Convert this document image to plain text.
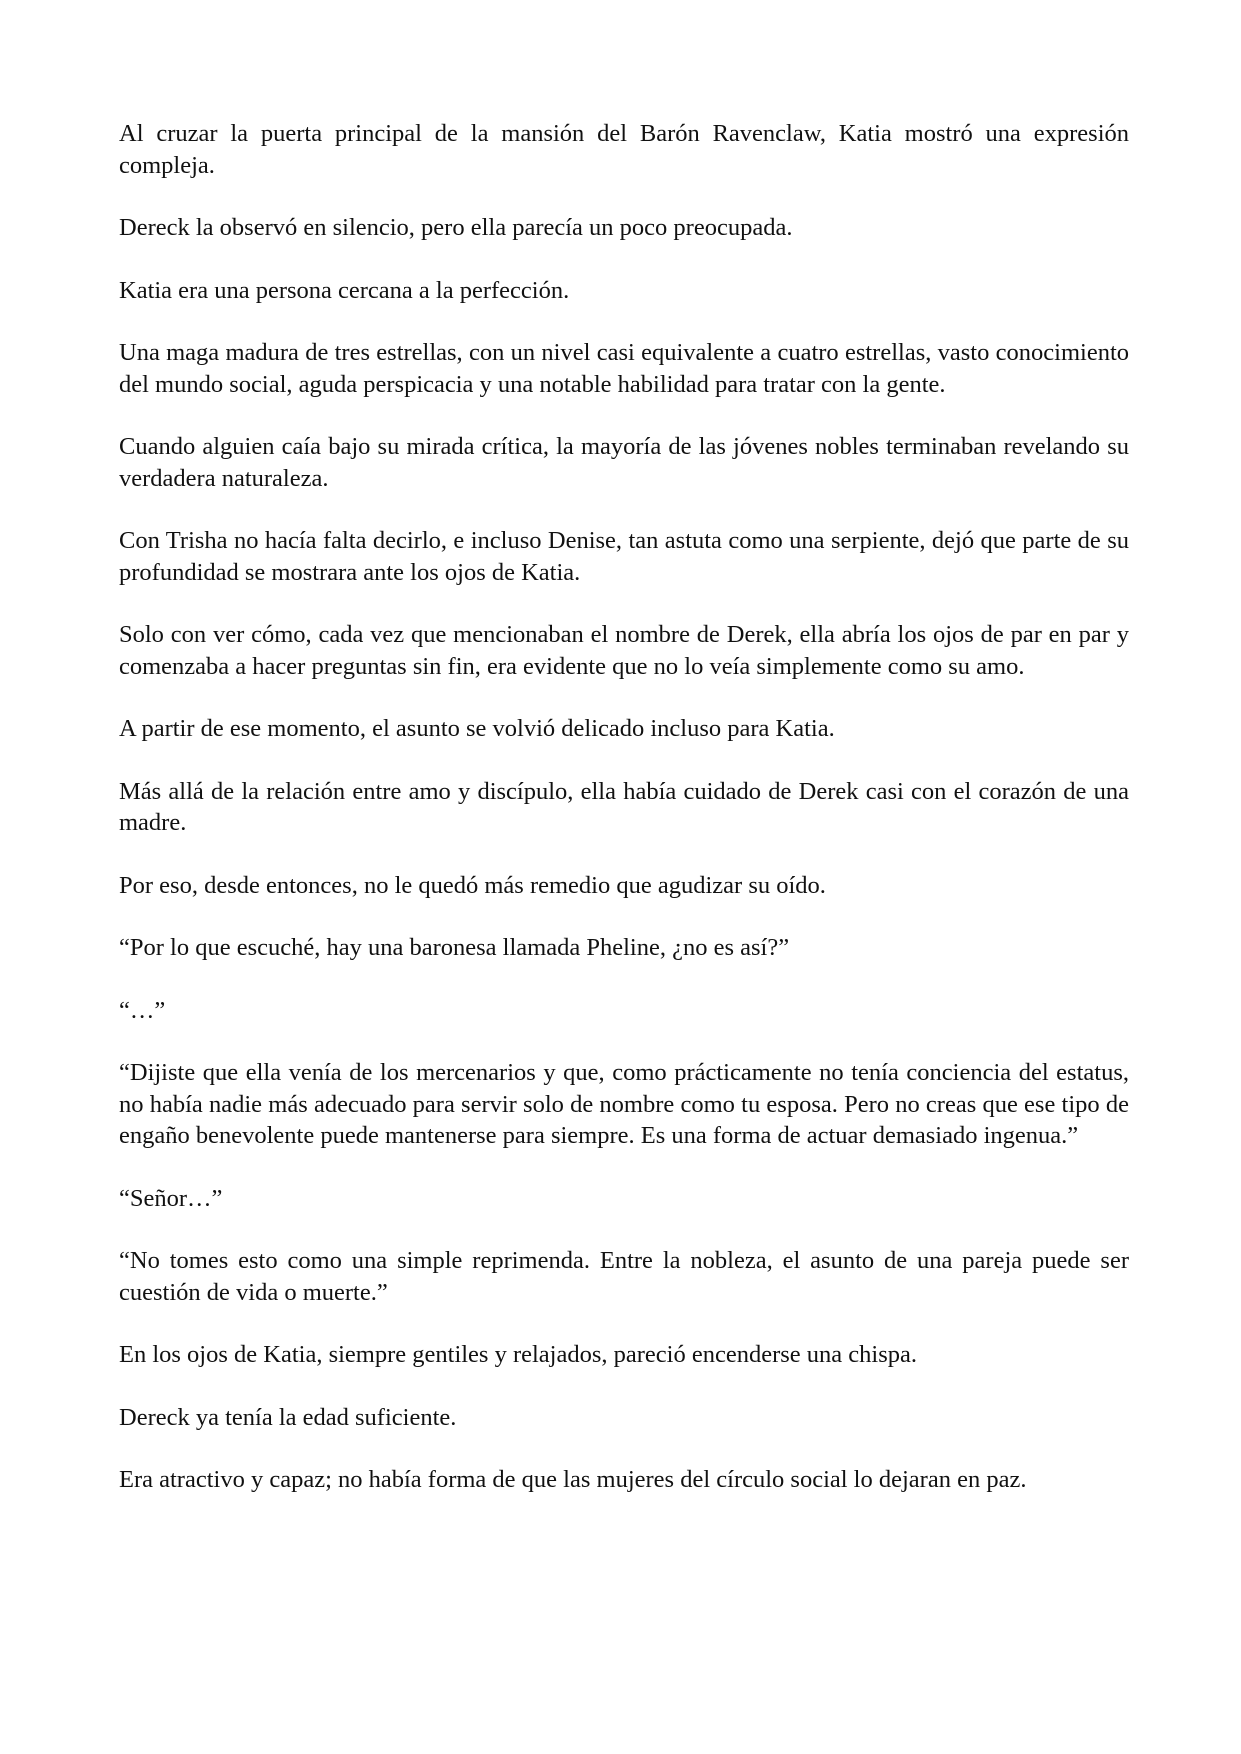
Al cruzar la puerta principal de la mansión del Barón Ravenclaw, Katia mostró una expresión compleja.

Dereck la observó en silencio, pero ella parecía un poco preocupada.

Katia era una persona cercana a la perfección.

Una maga madura de tres estrellas, con un nivel casi equivalente a cuatro estrellas, vasto conocimiento del mundo social, aguda perspicacia y una notable habilidad para tratar con la gente.

Cuando alguien caía bajo su mirada crítica, la mayoría de las jóvenes nobles terminaban revelando su verdadera naturaleza.

Con Trisha no hacía falta decirlo, e incluso Denise, tan astuta como una serpiente, dejó que parte de su profundidad se mostrara ante los ojos de Katia.

Solo con ver cómo, cada vez que mencionaban el nombre de Derek, ella abría los ojos de par en par y comenzaba a hacer preguntas sin fin, era evidente que no lo veía simplemente como su amo.

A partir de ese momento, el asunto se volvió delicado incluso para Katia.

Más allá de la relación entre amo y discípulo, ella había cuidado de Derek casi con el corazón de una madre.

Por eso, desde entonces, no le quedó más remedio que agudizar su oído.

“Por lo que escuché, hay una baronesa llamada Pheline, ¿no es así?”

“…”

“Dijiste que ella venía de los mercenarios y que, como prácticamente no tenía conciencia del estatus, no había nadie más adecuado para servir solo de nombre como tu esposa. Pero no creas que ese tipo de engaño benevolente puede mantenerse para siempre. Es una forma de actuar demasiado ingenua.”

“Señor…”

“No tomes esto como una simple reprimenda. Entre la nobleza, el asunto de una pareja puede ser cuestión de vida o muerte.”

En los ojos de Katia, siempre gentiles y relajados, pareció encenderse una chispa.

Dereck ya tenía la edad suficiente.

Era atractivo y capaz; no había forma de que las mujeres del círculo social lo dejaran en paz.
